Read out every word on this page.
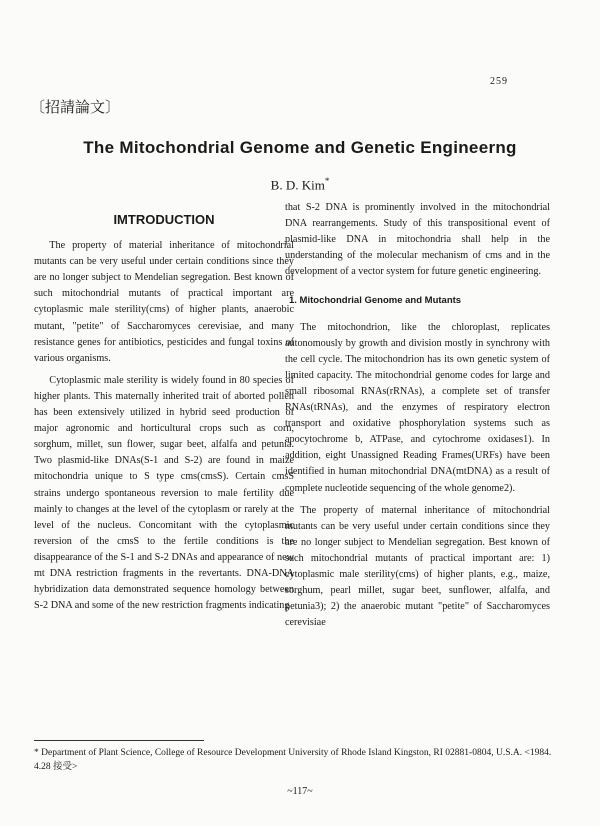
259
〔招請論文〕
The Mitochondrial Genome and Genetic Engineerng
B. D. Kim*
IMTRODUCTION

The property of material inheritance of mitochondrial mutants can be very useful under certain conditions since they are no longer subject to Mendelian segregation. Best known of such mitochondrial mutants of practical important are cytoplasmic male sterility(cms) of higher plants, anaerobic mutant, "petite" of Saccharomyces cerevisiae, and many resistance genes for antibiotics, pesticides and fungal toxins of various organisms.

Cytoplasmic male sterility is widely found in 80 species of higher plants. This maternally inherited trait of aborted pollen has been extensively utilized in hybrid seed production of major agronomic and horticultural crops such as corn, sorghum, millet, sun flower, sugar beet, alfalfa and petunia. Two plasmid-like DNAs(S-1 and S-2) are found in maize mitochondria unique to S type cms(cmsS). Certain cmsS strains undergo spontaneous reversion to male fertility due mainly to changes at the level of the cytoplasm or rarely at the level of the nucleus. Concomitant with the cytoplasmic reversion of the cmsS to the fertile conditions is the disappearance of the S-1 and S-2 DNAs and appearance of new mt DNA restriction fragments in the revertants. DNA-DNA hybridization data demonstrated sequence homology between S-2 DNA and some of the new restriction fragments indicating

that S-2 DNA is prominently involved in the mitochondrial DNA rearrangements. Study of this transpositional event of plasmid-like DNA in mitochondria shall help in the understanding of the molecular mechanism of cms and in the development of a vector system for future genetic engineering.

1. Mitochondrial Genome and Mutants

The mitochondrion, like the chloroplast, replicates autonomously by growth and division mostly in synchrony with the cell cycle. The mitochondrion has its own genetic system of limited capacity. The mitochondrial genome codes for large and small ribosomal RNAs(rRNAs), a complete set of transfer RNAs(tRNAs), and the enzymes of respiratory electron transport and oxidative phosphorylation systems such as apocytochrome b, ATPase, and cytochrome oxidases1). In addition, eight Unassigned Reading Frames(URFs) have been identified in human mitochondrial DNA(mtDNA) as a result of complete nucleotide sequencing of the whole genome2).

The property of maternal inheritance of mitochondrial mutants can be very useful under certain conditions since they are no longer subject to Mendelian segregation. Best known of such mitochondrial mutants of practical important are: 1) cytoplasmic male sterility(cms) of higher plants, e.g., maize, sorghum, pearl millet, sugar beet, sunflower, alfalfa, and petunia3); 2) the anaerobic mutant "petite" of Saccharomyces cerevisiae

* Department of Plant Science, College of Resource Development University of Rhode Island Kingston, RI 02881-0804, U.S.A. <1984. 4.28 接受>
~117~
